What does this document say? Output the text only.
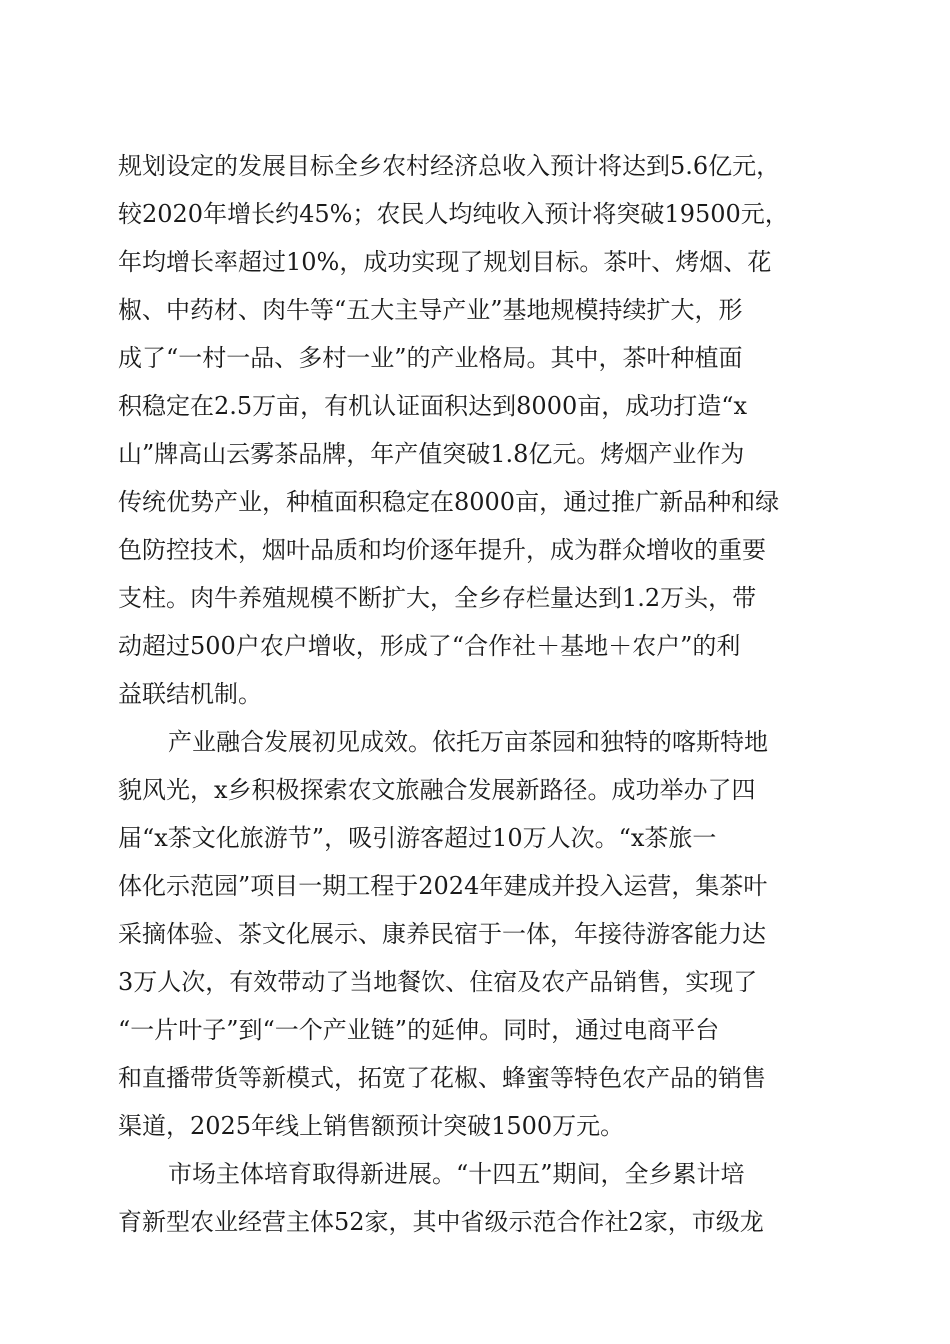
规划设定的发展目标全乡农村经济总收入预计将达到5.6亿元，
较2020年增长约45%；农民人均纯收入预计将突破19500元，
年均增长率超过10%，成功实现了规划目标。茶叶、烤烟、花
椒、中药材、肉牛等“五大主导产业”基地规模持续扩大，形
成了“一村一品、多村一业”的产业格局。其中，茶叶种植面
积稳定在2.5万亩，有机认证面积达到8000亩，成功打造“x
山”牌高山云雾茶品牌，年产值突破1.8亿元。烤烟产业作为
传统优势产业，种植面积稳定在8000亩，通过推广新品种和绿
色防控技术，烟叶品质和均价逐年提升，成为群众增收的重要
支柱。肉牛养殖规模不断扩大，全乡存栏量达到1.2万头，带
动超过500户农户增收，形成了“合作社＋基地＋农户”的利
益联结机制。
产业融合发展初见成效。依托万亩茶园和独特的喀斯特地
貌风光，x乡积极探索农文旅融合发展新路径。成功举办了四
届“x茶文化旅游节”，吸引游客超过10万人次。“x茶旅一
体化示范园”项目一期工程于2024年建成并投入运营，集茶叶
采摘体验、茶文化展示、康养民宿于一体，年接待游客能力达
3万人次，有效带动了当地餐饮、住宿及农产品销售，实现了
“一片叶子”到“一个产业链”的延伸。同时，通过电商平台
和直播带货等新模式，拓宽了花椒、蜂蜜等特色农产品的销售
渠道，2025年线上销售额预计突破1500万元。
市场主体培育取得新进展。“十四五”期间，全乡累计培
育新型农业经营主体52家，其中省级示范合作社2家，市级龙
